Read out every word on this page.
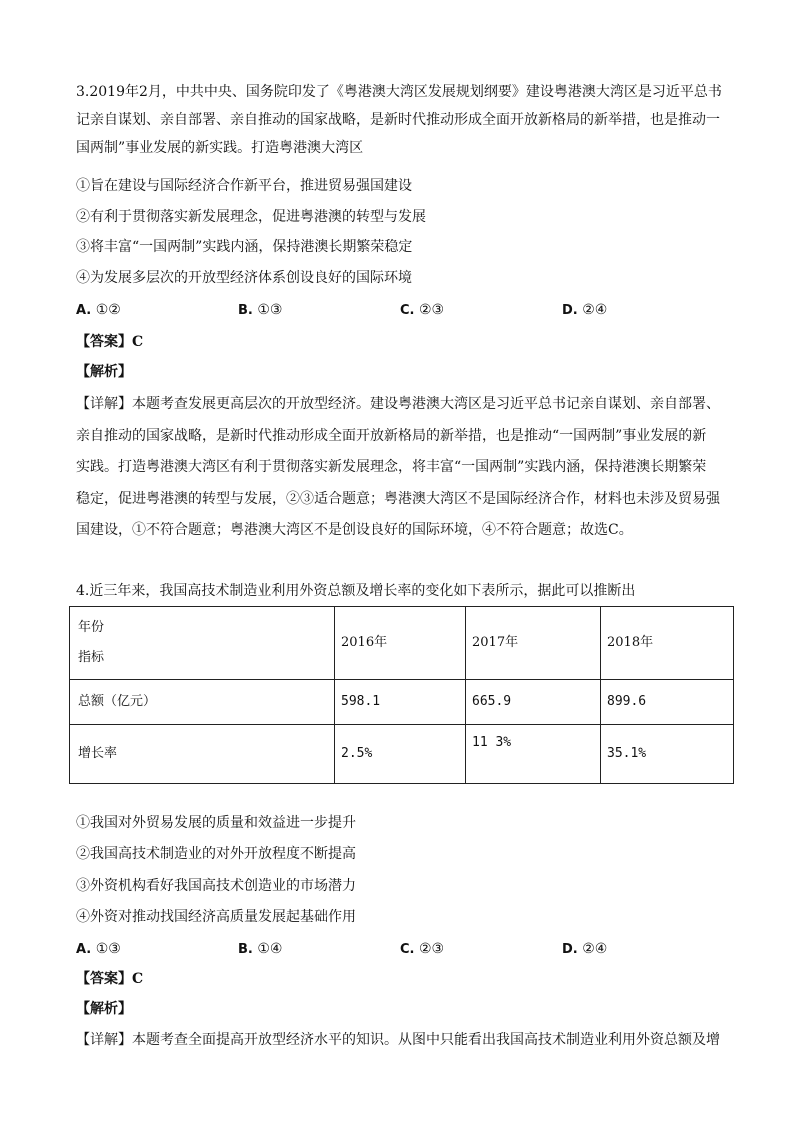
3.2019年2月，中共中央、国务院印发了《粤港澳大湾区发展规划纲要》建设粤港澳大湾区是习近平总书
记亲自谋划、亲自部署、亲自推动的国家战略，是新时代推动形成全面开放新格局的新举措，也是推动一
国两制”事业发展的新实践。打造粤港澳大湾区
①旨在建设与国际经济合作新平台，推进贸易强国建设
②有利于贯彻落实新发展理念，促进粤港澳的转型与发展
③将丰富“一国两制”实践内涵，保持港澳长期繁荣稳定
④为发展多层次的开放型经济体系创设良好的国际环境
A. ①②	B. ①③	C. ②③	D. ②④
【答案】C
【解析】
【详解】本题考查发展更高层次的开放型经济。建设粤港澳大湾区是习近平总书记亲自谋划、亲自部署、
亲自推动的国家战略，是新时代推动形成全面开放新格局的新举措，也是推动“一国两制”事业发展的新
实践。打造粤港澳大湾区有利于贯彻落实新发展理念，将丰富“一国两制”实践内涵，保持港澳长期繁荣
稳定，促进粤港澳的转型与发展，②③适合题意；粤港澳大湾区不是国际经济合作，材料也未涉及贸易强
国建设，①不符合题意；粤港澳大湾区不是创设良好的国际环境，④不符合题意；故选C。
4.近三年来，我国高技术制造业利用外资总额及增长率的变化如下表所示，据此可以推断出
年份
指标	2016年	2017年	2018年
总额（亿元）	598.1	665.9	899.6
增长率	2.5%	11 3%	35.1%
①我国对外贸易发展的质量和效益进一步提升
②我国高技术制造业的对外开放程度不断提高
③外资机构看好我国高技术创造业的市场潜力
④外资对推动找国经济高质量发展起基础作用
A. ①③	B. ①④	C. ②③	D. ②④
【答案】C
【解析】
【详解】本题考查全面提高开放型经济水平的知识。从图中只能看出我国高技术制造业利用外资总额及增
